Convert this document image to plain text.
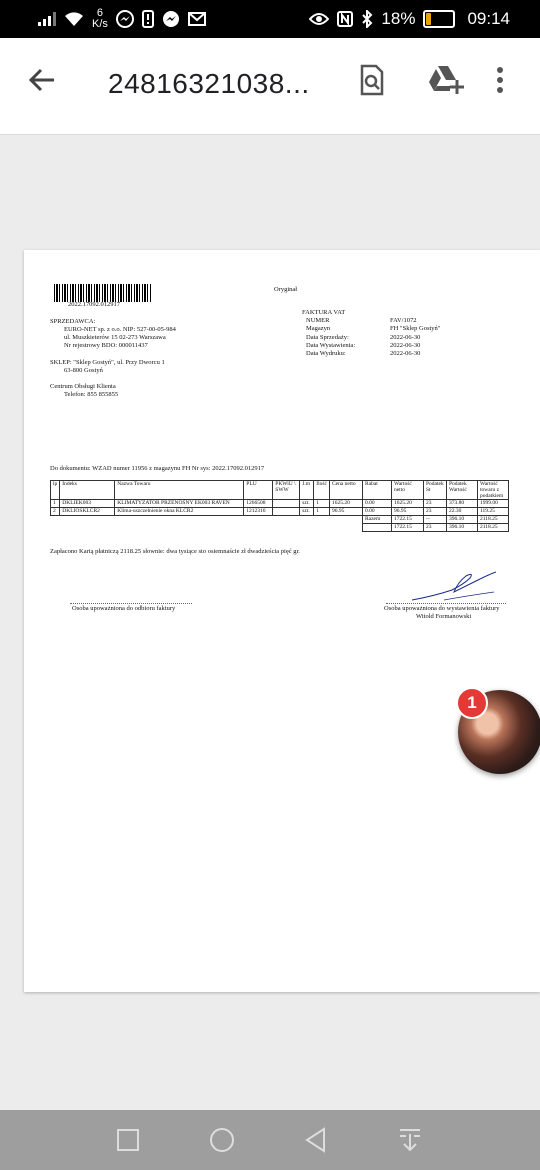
6
K/s	18%	09:14
24816321038...
2022.17092.012917
Oryginał
FAKTURA VAT
SPRZEDAWCA:
EURO-NET sp. z o.o. NIP: 527-00-05-984
ul. Muszkieterów 15 02-273 Warszawa
Nr rejestrowy BDO: 000011437
SKLEP: "Sklep Gostyń", ul. Przy Dworcu 1
63-800 Gostyń
Centrum Obsługi Klienta
Telefon: 855 855855
NUMER	FAV/1072
Magazyn	FH "Sklep Gostyń"
Data Sprzedaży:	2022-06-30
Data Wystawienia:	2022-06-30
Data Wydruku:	2022-06-30
Do dokumentu: WZAD numer 11956 z magazynu FH Nr sys: 2022.17092.012917
lp	Indeks	Nazwa Towaru	PLU	PKWiU \ SWW	J.m	Ilość	Cena netto	Rabat	Wartość netto	Podatek St	Podatek Wartość	Wartość towaru z podatkiem
1	DKLIEK003	KLIMATYZATOR PRZENOŚNY EK003 RAVEN	1266508		szt.	1	1625.20	0.00	1625.20	23	373.80	1999.00
2	DKLIOSKLCR2	Klima-uszczelnienie okna KLCR2	1212316		szt.	1	96.95	0.00	96.95	23	22.30	119.25
								Razem	1722.15	--	396.10	2118.25
									1722.15	23	396.10	2118.25
Zapłacono Kartą płatniczą 2118.25 słownie: dwa tysiące sto osiemnaście zł dwadzieścia pięć gr.
Osoba upoważniona do odbioru faktury	Osoba upoważniona do wystawienia faktury
Witold Formanowski
1
